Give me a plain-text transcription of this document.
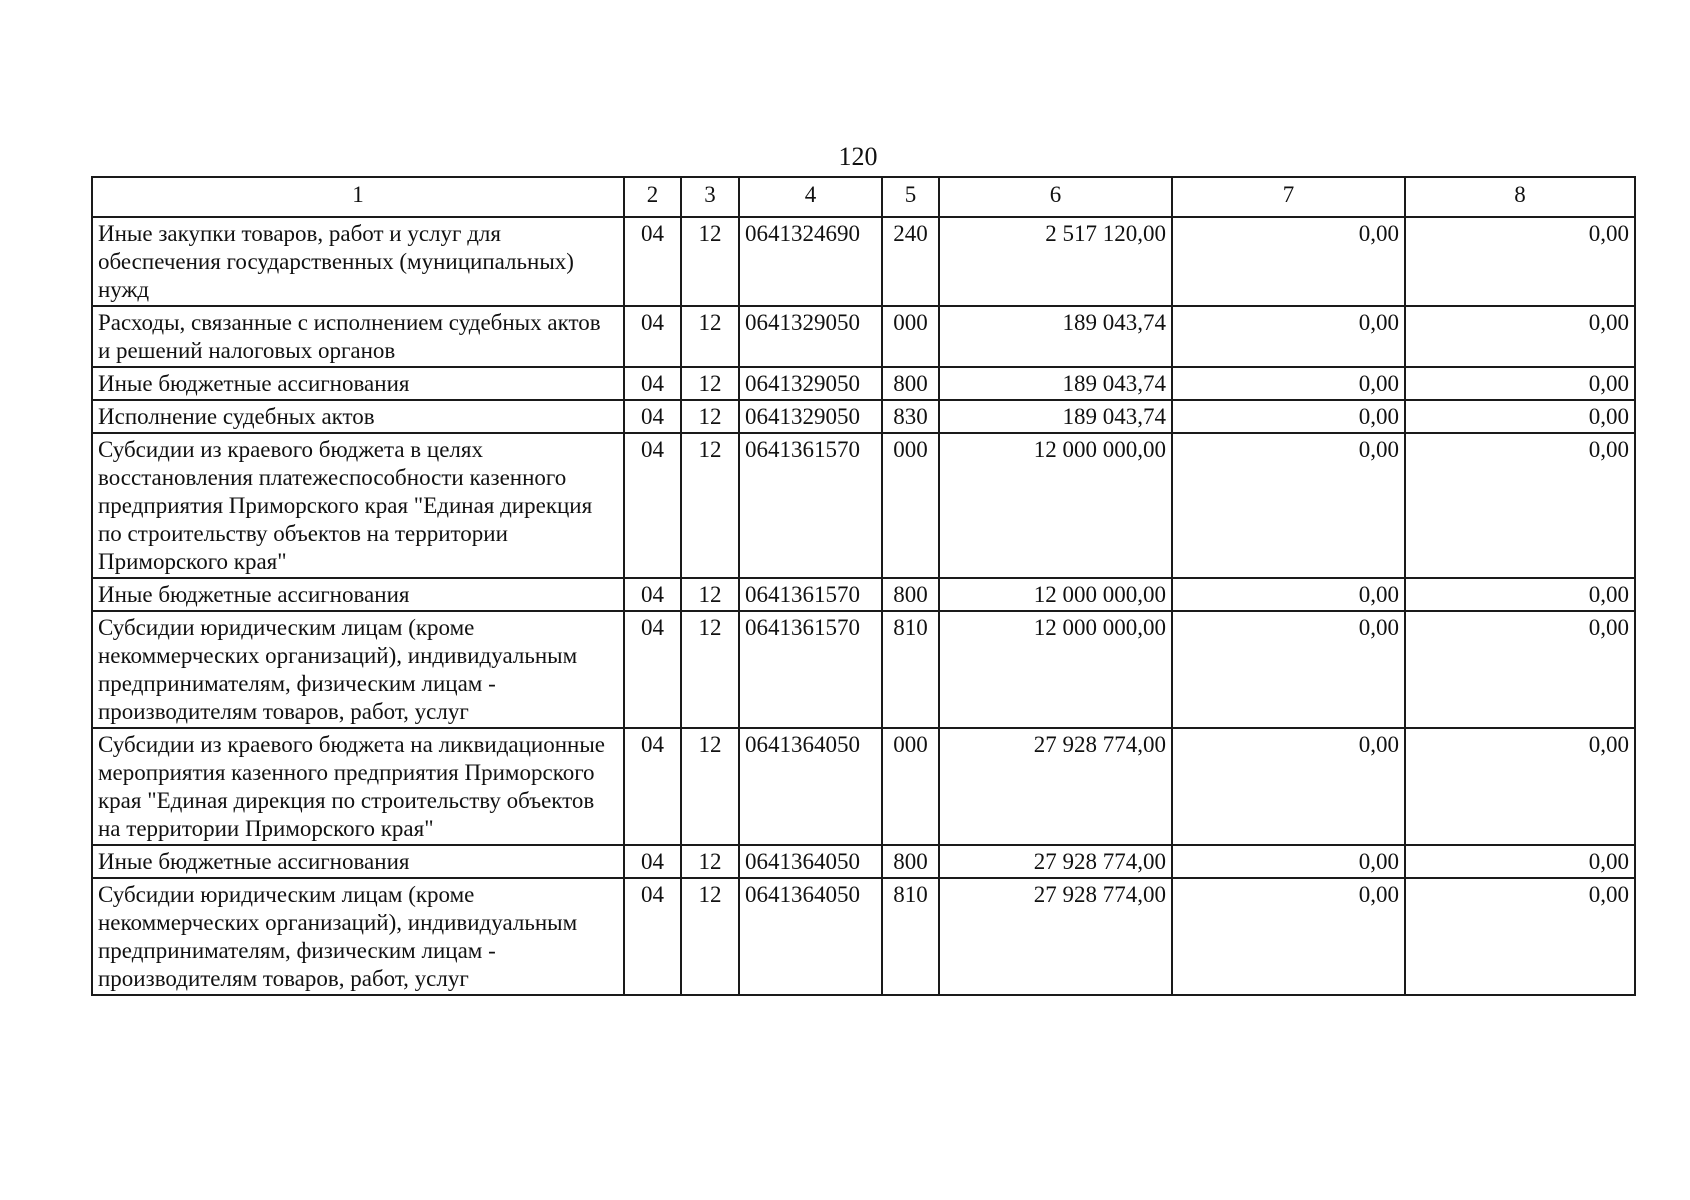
120
1	2	3	4	5	6	7	8
Иные закупки товаров, работ и услуг для обеспечения государственных (муниципальных) нужд	04	12	0641324690	240	2 517 120,00	0,00	0,00
Расходы, связанные с исполнением судебных актов и решений налоговых органов	04	12	0641329050	000	189 043,74	0,00	0,00
Иные бюджетные ассигнования	04	12	0641329050	800	189 043,74	0,00	0,00
Исполнение судебных актов	04	12	0641329050	830	189 043,74	0,00	0,00
Субсидии из краевого бюджета в целях восстановления платежеспособности казенного предприятия Приморского края "Единая дирекция по строительству объектов на территории Приморского края"	04	12	0641361570	000	12 000 000,00	0,00	0,00
Иные бюджетные ассигнования	04	12	0641361570	800	12 000 000,00	0,00	0,00
Субсидии юридическим лицам (кроме некоммерческих организаций), индивидуальным предпринимателям, физическим лицам - производителям товаров, работ, услуг	04	12	0641361570	810	12 000 000,00	0,00	0,00
Субсидии из краевого бюджета на ликвидационные мероприятия казенного предприятия Приморского края "Единая дирекция по строительству объектов на территории Приморского края"	04	12	0641364050	000	27 928 774,00	0,00	0,00
Иные бюджетные ассигнования	04	12	0641364050	800	27 928 774,00	0,00	0,00
Субсидии юридическим лицам (кроме некоммерческих организаций), индивидуальным предпринимателям, физическим лицам - производителям товаров, работ, услуг	04	12	0641364050	810	27 928 774,00	0,00	0,00
